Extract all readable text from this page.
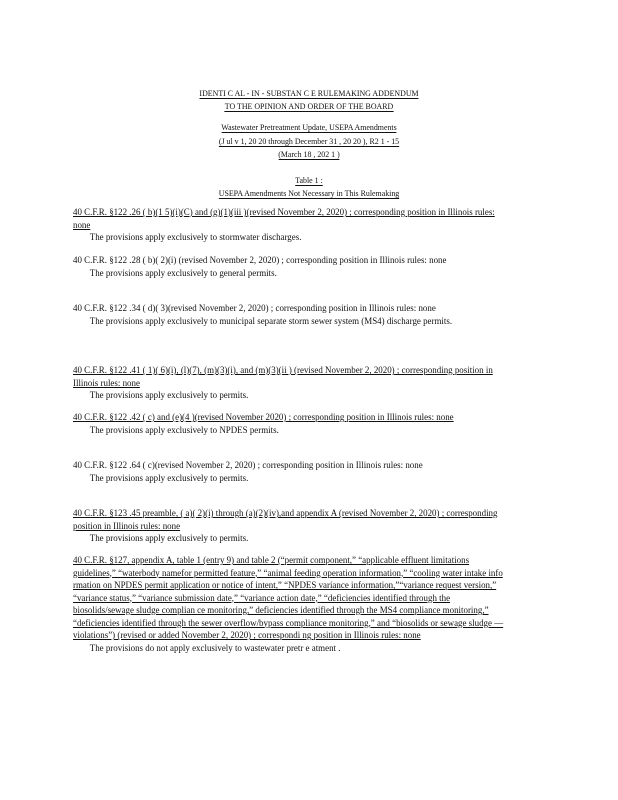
IDENTI C AL - IN - SUBSTAN C E RULEMAKING ADDENDUM
TO THE OPINION AND ORDER OF THE BOARD
Wastewater Pretreatment Update, USEPA Amendments
(J ul v 1, 20 20 through December 31 , 20 20 ), R2 1 - 15
(March 18 , 202 1 )
Table 1 :
USEPA Amendments Not Necessary in This Rulemaking
40 C.F.R. §122 .26 ( b)(1 5)(i)(C) and (g)(1)(iii )(revised November 2, 2020) ; corresponding position in Illinois rules: none
The provisions apply exclusively to stormwater discharges.
40 C.F.R. §122 .28 ( b)( 2)(i) (revised November 2, 2020) ; corresponding position in Illinois rules: none
The provisions apply exclusively to general permits.
40 C.F.R. §122 .34 ( d)( 3)(revised November 2, 2020) ; corresponding position in Illinois rules: none
The provisions apply exclusively to municipal separate storm sewer system (MS4) discharge permits.
40 C.F.R. §122 .41 ( 1)( 6)(i), (l)(7), (m)(3)(i), and (m)(3)(ii ) (revised November 2, 2020) ; corresponding position in Illinois rules: none
The provisions apply exclusively to permits.
40 C.F.R. §122 .42 ( c) and (e)(4 )(revised November 2020) ; corresponding position in Illinois rules: none
The provisions apply exclusively to NPDES permits.
40 C.F.R. §122 .64 ( c)(revised November 2, 2020) ; corresponding position in Illinois rules: none
The provisions apply exclusively to permits.
40 C.F.R. §123 .45 preamble, ( a)( 2)(i) through (a)(2)(iv),and appendix A (revised November 2, 2020) ; corresponding position in Illinois rules: none
The provisions apply exclusively to permits.
40 C.F.R. §127, appendix A, table 1 (entry 9) and table 2 (“permit component,” “applicable effluent limitations guidelines,” “waterbody namefor permitted feature,” “animal feeding operation information,” “cooling water intake info rmation on NPDES permit application or notice of intent,” “NPDES variance information,”“variance request version,” “variance status,” “variance submission date,” “variance action date,” “deficiencies identified through the biosolids/sewage sludge complian ce monitoring,” deficiencies identified through the MS4 compliance monitoring,” “deficiencies identified through the sewer overflow/bypass compliance monitoring,” and “biosolids or sewage sludge — violations”) (revised or added November 2, 2020) ; correspondi ng position in Illinois rules: none
The provisions do not apply exclusively to wastewater pretr e atment .
